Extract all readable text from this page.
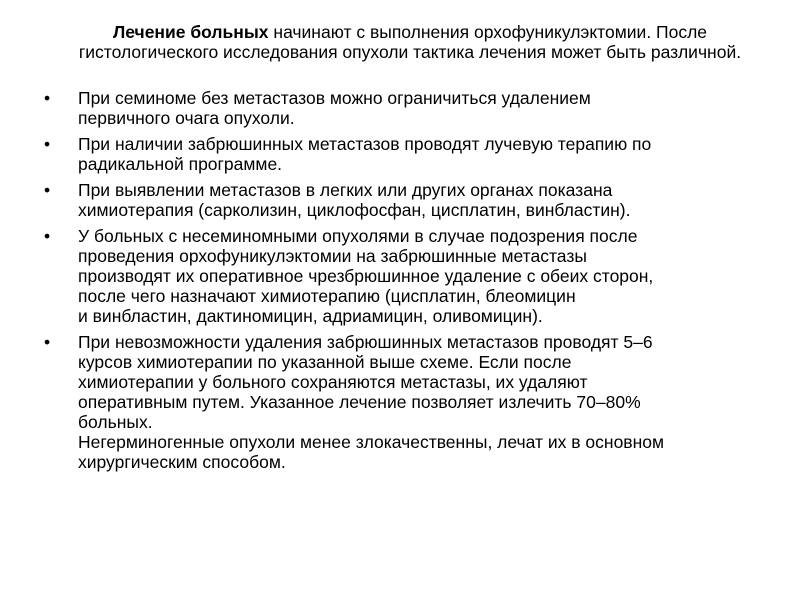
Лечение больных начинают с выполнения орхофуникулэктомии. После гистологического исследования опухоли тактика лечения может быть различной.
•	При семиноме без метастазов можно ограничиться удалением
первичного очага опухоли.
•	При наличии забрюшинных метастазов проводят лучевую терапию по
радикальной программе.
•	При выявлении метастазов в легких или других органах показана
химиотерапия (сарколизин, циклофосфан, цисплатин, винбластин).
•	У больных с несеминомными опухолями в случае подозрения после
проведения орхофуникулэктомии на забрюшинные метастазы
производят их оперативное чрезбрюшинное удаление с обеих сторон,
после чего назначают химиотерапию (цисплатин, блеомицин
и винбластин, дактиномицин, адриамицин, оливомицин).
•	При невозможности удаления забрюшинных метастазов проводят 5–6
курсов химиотерапии по указанной выше схеме. Если после
химиотерапии у больного сохраняются метастазы, их удаляют
оперативным путем. Указанное лечение позволяет излечить 70–80%
больных.
Негерминогенные опухоли менее злокачественны, лечат их в основном
хирургическим способом.
